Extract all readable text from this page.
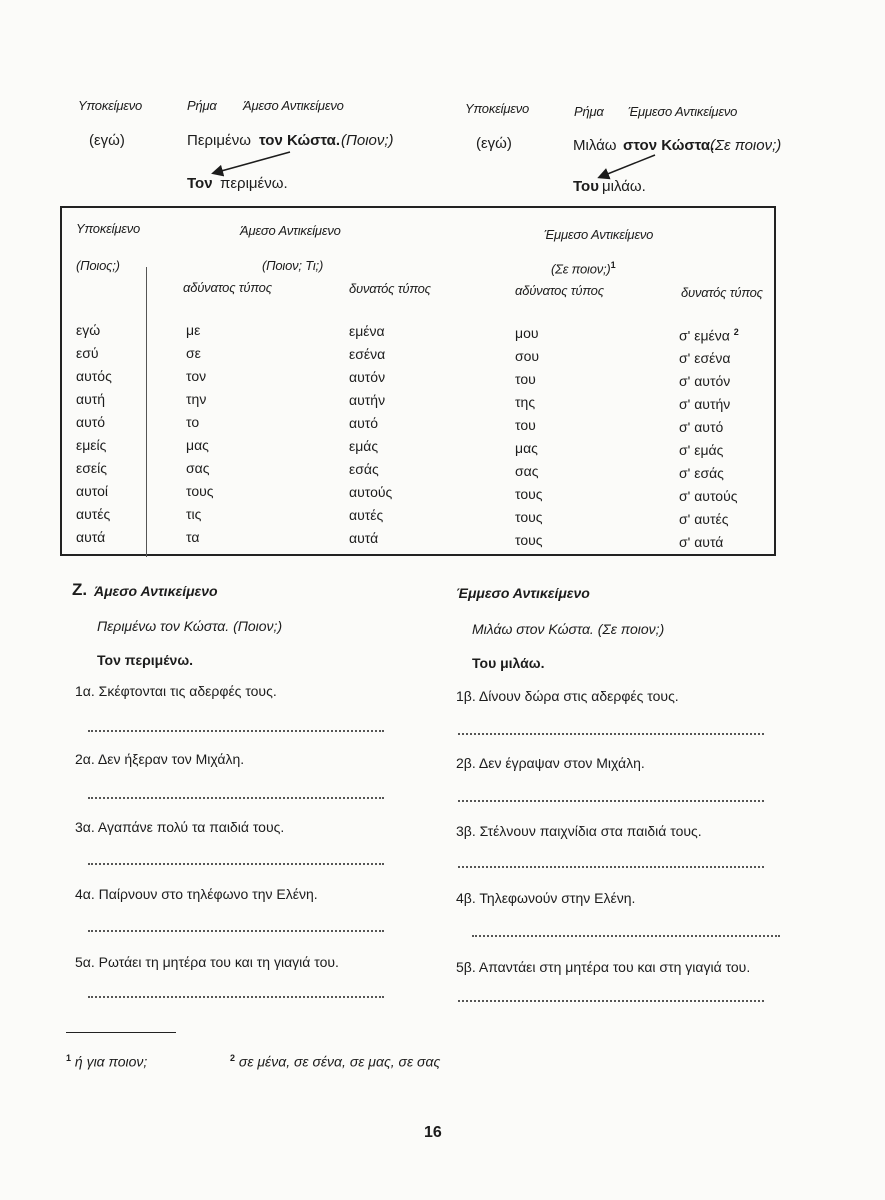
Υποκείμενο	Ρήμα Άμεσο Αντικείμενο
(εγώ)	Περιμένω τον Κώστα. (Ποιον;)
Τον περιμένω.
Υποκείμενο	Ρήμα Έμμεσο Αντικείμενο
(εγώ)	Μιλάω στον Κώστα.
(Σε ποιον;)
Του μιλάω.
Υποκείμενο
(Ποιος;)
Άμεσο Αντικείμενο
(Ποιον; Τι;)
Έμμεσο Αντικείμενο
(Σε ποιον;)$^1$
αδύνατος τύπος	δυνατός τύπος	αδύνατος τύπος	δυνατός τύπος
εγώ	με	εμένα	μου	σ' εμένα $^2$
εσύ	σε	εσένα	σου	σ' εσένα
αυτός	τον	αυτόν	του	σ' αυτόν
αυτή	την	αυτήν	της	σ' αυτήν
αυτό	το	αυτό	του	σ' αυτό
εμείς	μας	εμάς	μας	σ' εμάς
εσείς	σας	εσάς	σας	σ' εσάς
αυτοί	τους	αυτούς	τους	σ' αυτούς
αυτές	τις	αυτές	τους	σ' αυτές
αυτά	τα	αυτά	τους	σ' αυτά
Ζ. Άμεσο Αντικείμενο	Έμμεσο Αντικείμενο
Περιμένω τον Κώστα. (Ποιον;)	Μιλάω στον Κώστα. (Σε ποιον;)
Τον περιμένω.	Του μιλάω.
1α. Σκέφτονται τις αδερφές τους.
2α. Δεν ήξεραν τον Μιχάλη.
3α. Αγαπάνε πολύ τα παιδιά τους.
4α. Παίρνουν στο τηλέφωνο την Ελένη.
5α. Ρωτάει τη μητέρα του και τη γιαγιά του.
1β. Δίνουν δώρα στις αδερφές τους.
2β. Δεν έγραψαν στον Μιχάλη.
3β. Στέλνουν παιχνίδια στα παιδιά τους.
4β. Τηλεφωνούν στην Ελένη.
5β. Απαντάει στη μητέρα του και στη γιαγιά του.
$^1$ ή για ποιον;	$^2$ σε μένα, σε σένα, σε μας, σε σας
16
